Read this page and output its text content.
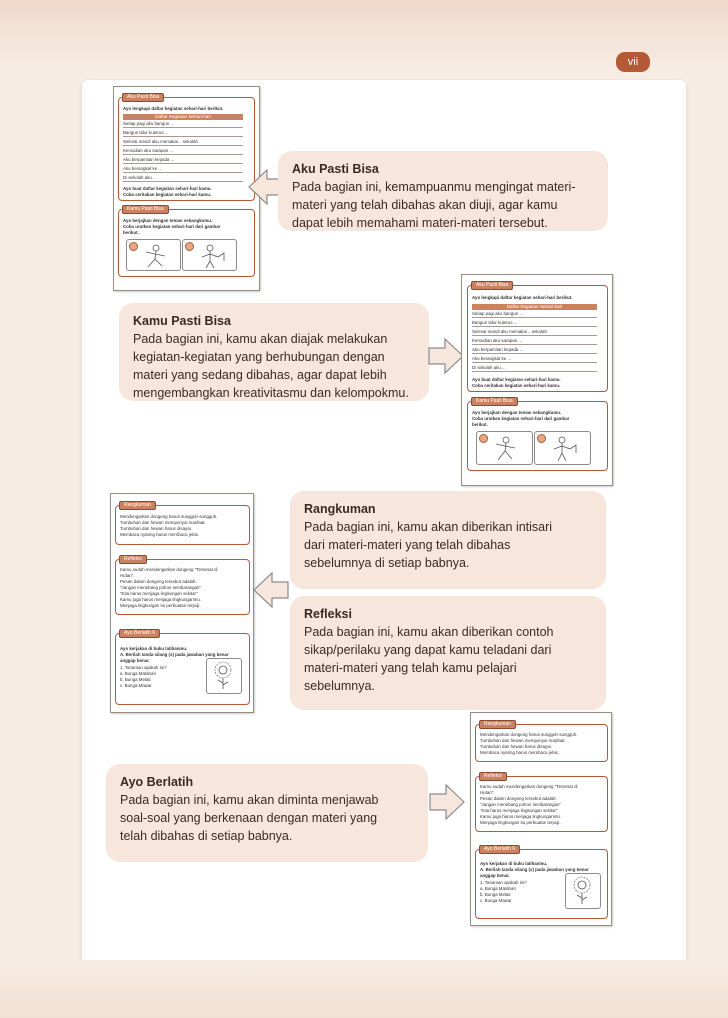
vii
Aku Pasti Bisa
Ayo lengkapi daftar kegiatan sehari-hari berikut.
Daftar Kegiatan Sehari-hari
Setiap pagi aku bangun ...
Bangun tidur kuterus ...
Selesai mandi aku memakai .. sekolah
Kemudian aku sarapan ...
Aku berpamitan kepada ...
Aku berangkat ke ...
Di sekolah aku ...
Ayo buat daftar kegiatan sehari-hari kamu.
Coba ceritakan kegiatan sehari-hari kamu.
Kamu Pasti Bisa
Ayo berjajkan dengan teman sebangkumu.
Coba urutkan kegiatan sehari-hari dari gambar
berikut.
Aku Pasti Bisa
Pada bagian ini, kemampuanmu mengingat materi-
materi yang telah dibahas akan diuji, agar kamu
dapat lebih memahami materi-materi tersebut.
Kamu Pasti Bisa
Pada bagian ini, kamu akan diajak melakukan
kegiatan-kegiatan yang berhubungan dengan
materi yang sedang dibahas, agar dapat lebih
mengembangkan kreativitasmu dan kelompokmu.
Aku Pasti Bisa
Ayo lengkapi daftar kegiatan sehari-hari berikut.
Daftar Kegiatan Sehari-hari
Setiap pagi aku bangun ...
Bangun tidur kuterus ...
Selesai mandi aku memakai .. sekolah
Kemudian aku sarapan ...
Aku berpamitan kepada ...
Aku berangkat ke ...
Di sekolah aku ...
Ayo buat daftar kegiatan sehari-hari kamu.
Coba ceritakan kegiatan sehari-hari kamu.
Kamu Pasti Bisa
Ayo berjajkan dengan teman sebangkumu.
Coba urutkan kegiatan sehari-hari dari gambar
berikut.
Rangkuman
Mendengarkan dongeng harus sungguh-sungguh.
Tumbuhan dan hewan mempunyai manfaat.
Tumbuhan dan hewan harus disayai.
Membaca nyaring harus membaca jelas.
Refleksi
Kamu sudah mendengarkan dongeng "Tersesat di
Hutan".
Pesan dalam dongeng tersebut adalah:
"Jangan menebang pohon sembarangan"
"Kita harus menjaga lingkungan sekitar"
Kamu juga harus menjaga lingkunganmu.
Menjaga lingkungan itu perbuatan terpuji.
Ayo Berlatih 6
Ayo kerjakan di buku latihanmu.
A. Berilah tanda silang (x) pada jawaban yang benar
anggap benar.
1. Tanaman apakah ini?
a. Bunga Matahari
b. Bunga Melati
c. Bunga Mawar
Rangkuman
Pada bagian ini, kamu akan diberikan intisari
dari materi-materi yang telah dibahas
sebelumnya di setiap babnya.
Refleksi
Pada bagian ini, kamu akan diberikan contoh
sikap/perilaku yang dapat kamu teladani dari
materi-materi yang telah kamu pelajari
sebelumnya.
Ayo Berlatih
Pada bagian ini, kamu akan diminta menjawab
soal-soal yang berkenaan dengan materi yang
telah dibahas di setiap babnya.
Rangkuman
Mendengarkan dongeng harus sungguh-sungguh.
Tumbuhan dan hewan mempunyai manfaat.
Tumbuhan dan hewan harus disayai.
Membaca nyaring harus membaca jelas.
Refleksi
Kamu sudah mendengarkan dongeng "Tersesat di
Hutan".
Pesan dalam dongeng tersebut adalah:
"Jangan menebang pohon sembarangan"
"Kita harus menjaga lingkungan sekitar"
Kamu juga harus menjaga lingkunganmu.
Menjaga lingkungan itu perbuatan terpuji.
Ayo Berlatih 6
Ayo kerjakan di buku latihanmu.
A. Berilah tanda silang (x) pada jawaban yang benar
anggap benar.
1. Tanaman apakah ini?
a. Bunga Matahari
b. Bunga Melati
c. Bunga Mawar
